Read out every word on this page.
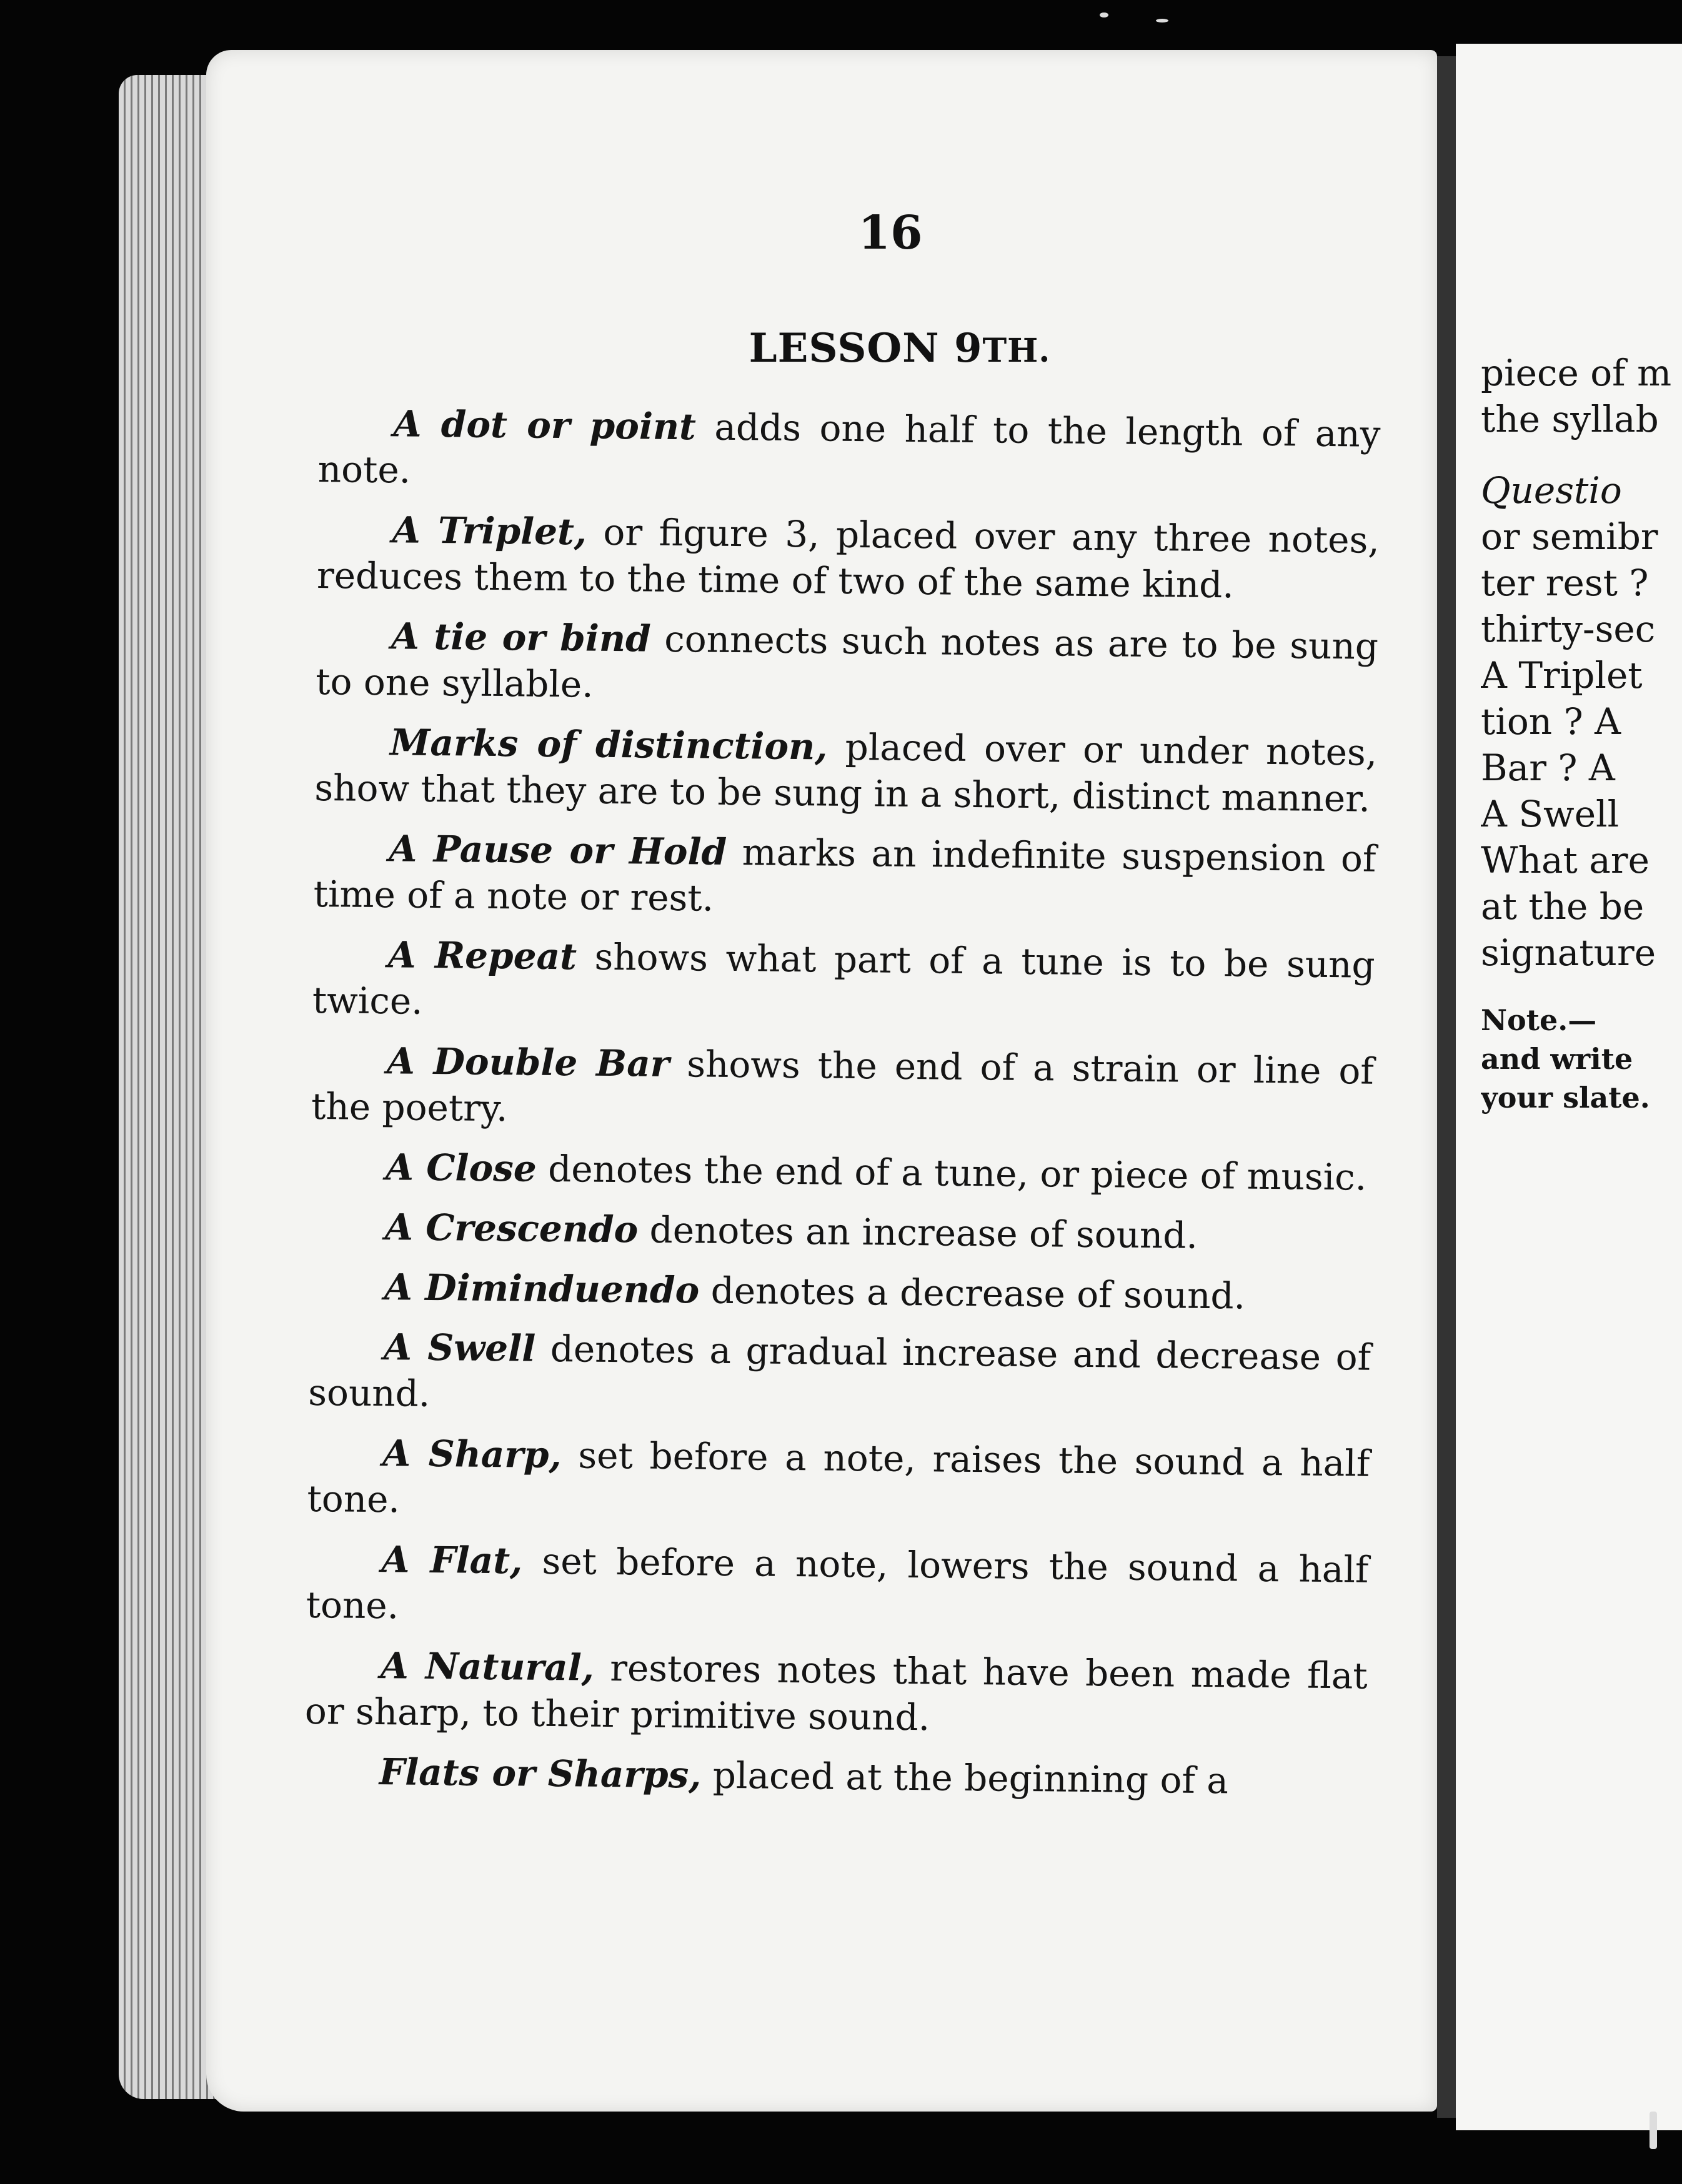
16
LESSON 9TH.

A dot or point adds one half to the length of any note.

A Triplet, or figure 3, placed over any three notes, reduces them to the time of two of the same kind.

A tie or bind connects such notes as are to be sung to one syllable.

Marks of distinction, placed over or under notes, show that they are to be sung in a short, distinct manner.

A Pause or Hold marks an indefinite suspension of time of a note or rest.

A Repeat shows what part of a tune is to be sung twice.

A Double Bar shows the end of a strain or line of the poetry.

A Close denotes the end of a tune, or piece of music.

A Crescendo denotes an increase of sound.

A Diminduendo denotes a decrease of sound.

A Swell denotes a gradual increase and decrease of sound.

A Sharp, set before a note, raises the sound a half tone.

A Flat, set before a note, lowers the sound a half tone.

A Natural, restores notes that have been made flat or sharp, to their primitive sound.

Flats or Sharps, placed at the beginning of a

piece of m
the syllab
Questio
or semibr
ter rest ?
thirty-sec
A Triplet
tion ? A
Bar ? A
A Swell
What are
at the be
signature
Note.—
and write
your slate.
